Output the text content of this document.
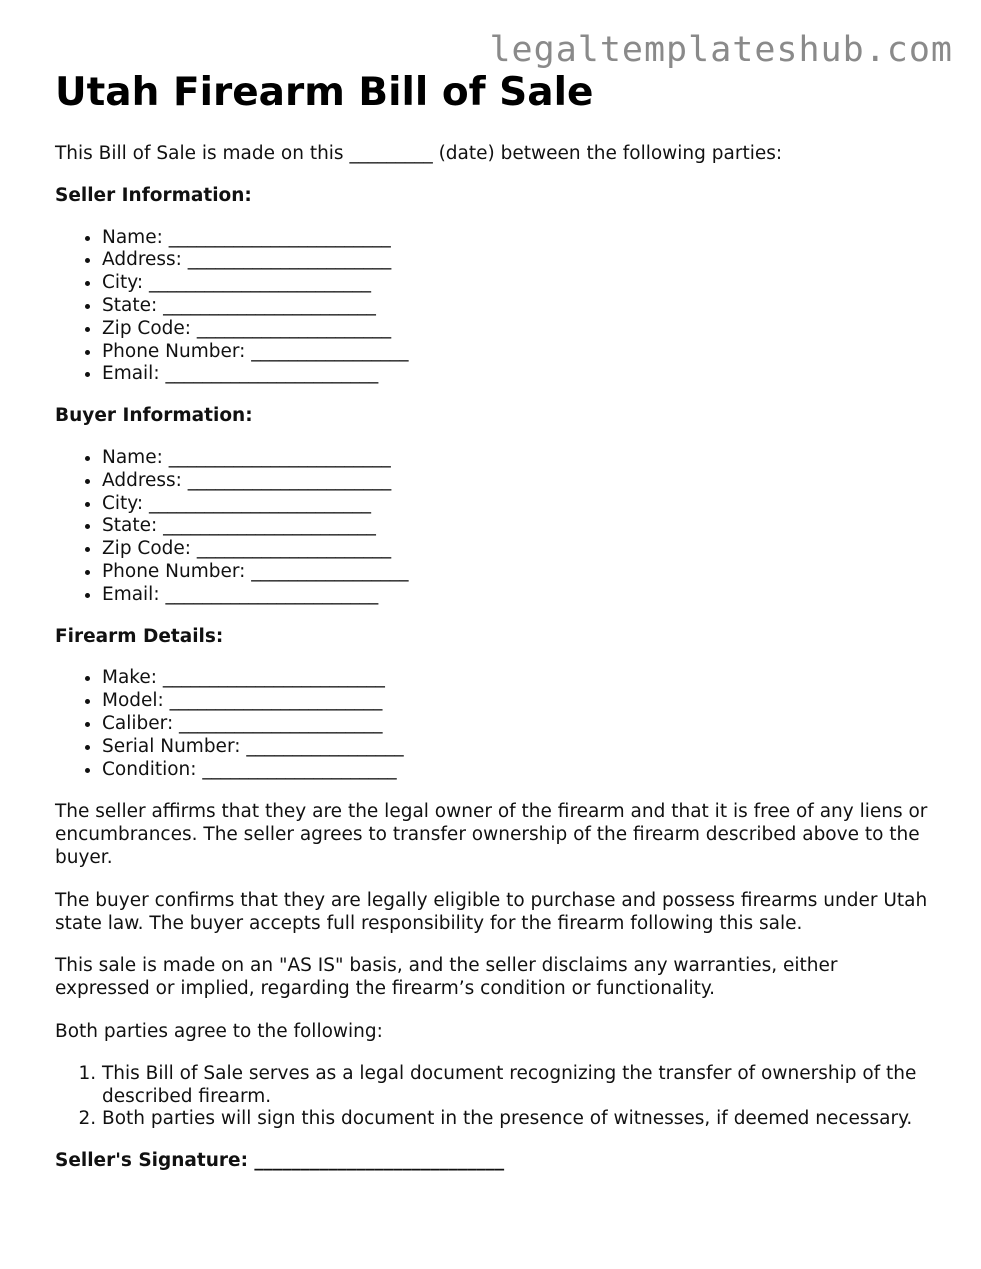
legaltemplateshub.com
Utah Firearm Bill of Sale

This Bill of Sale is made on this _________ (date) between the following parties:

Seller Information:

• Name: ________________________
• Address: ______________________
• City: ________________________
• State: _______________________
• Zip Code: _____________________
• Phone Number: _________________
• Email: _______________________

Buyer Information:

• Name: ________________________
• Address: ______________________
• City: ________________________
• State: _______________________
• Zip Code: _____________________
• Phone Number: _________________
• Email: _______________________

Firearm Details:

• Make: ________________________
• Model: _______________________
• Caliber: ______________________
• Serial Number: _________________
• Condition: _____________________

The seller affirms that they are the legal owner of the firearm and that it is free of any liens or encumbrances. The seller agrees to transfer ownership of the firearm described above to the buyer.

The buyer confirms that they are legally eligible to purchase and possess firearms under Utah state law. The buyer accepts full responsibility for the firearm following this sale.

This sale is made on an "AS IS" basis, and the seller disclaims any warranties, either expressed or implied, regarding the firearm’s condition or functionality.

Both parties agree to the following:

1. This Bill of Sale serves as a legal document recognizing the transfer of ownership of the described firearm.
2. Both parties will sign this document in the presence of witnesses, if deemed necessary.

Seller's Signature: ___________________________
